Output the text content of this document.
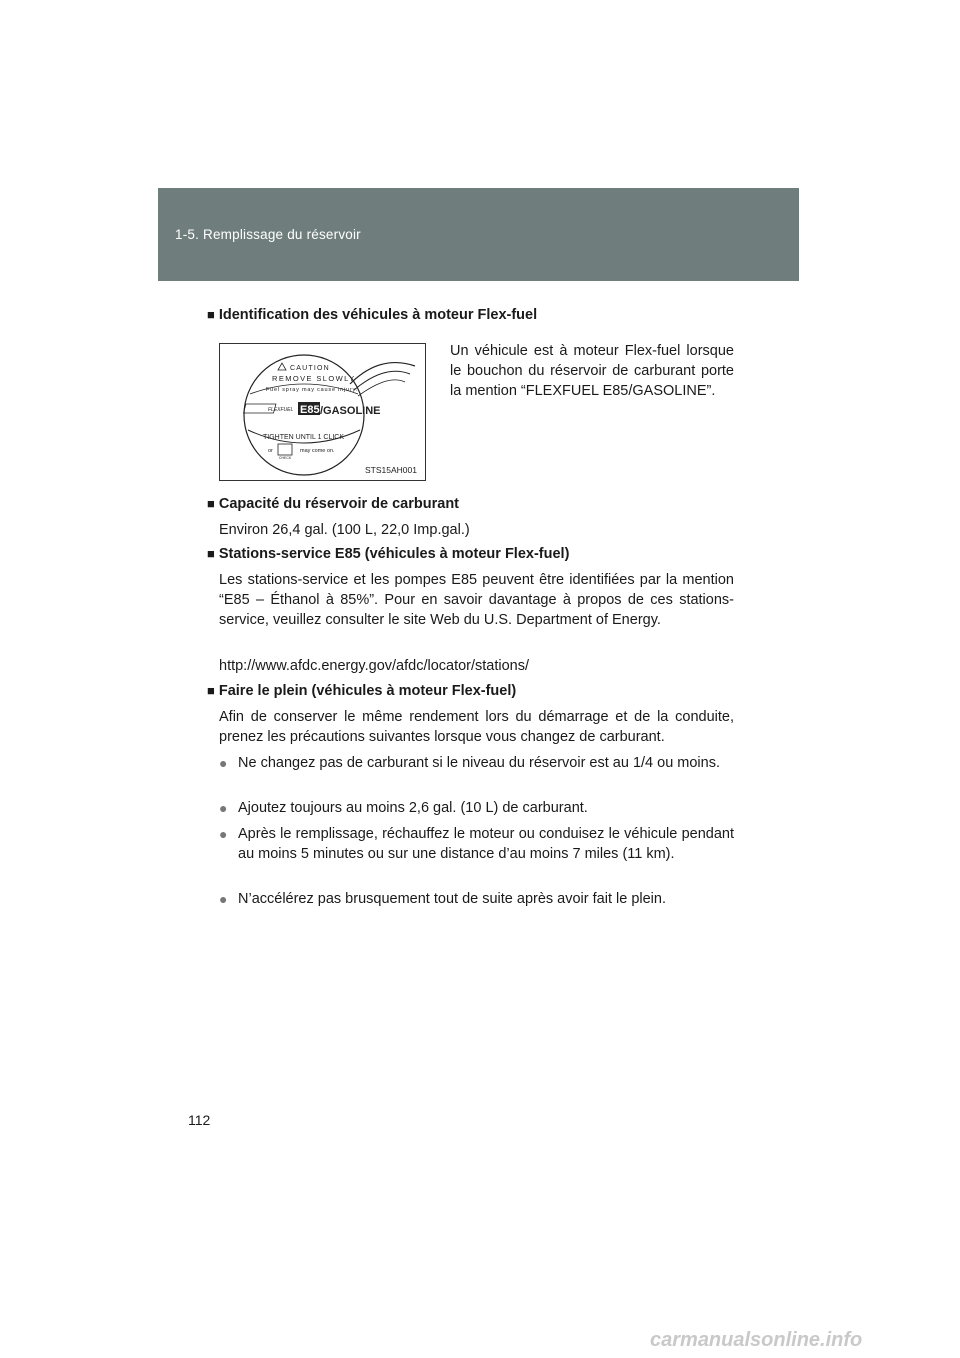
1-5. Remplissage du réservoir
■ Identification des véhicules à moteur Flex-fuel
CAUTION
REMOVE SLOWLY
Fuel spray may cause injury.
FLEXFUEL E85 /GASOLINE
TIGHTEN UNTIL 1 CLICK
or
CHECK
may come on.
STS15AH001
Un véhicule est à moteur Flex-fuel lorsque le bouchon du réservoir de carburant porte la mention “FLEXFUEL E85/GASOLINE”.
■ Capacité du réservoir de carburant
Environ 26,4 gal. (100 L, 22,0 Imp.gal.)
■ Stations-service E85 (véhicules à moteur Flex-fuel)
Les stations-service et les pompes E85 peuvent être identifiées par la mention “E85 – Éthanol à 85%”. Pour en savoir davantage à propos de ces stations-service, veuillez consulter le site Web du U.S. Department of Energy.
http://www.afdc.energy.gov/afdc/locator/stations/
■ Faire le plein (véhicules à moteur Flex-fuel)
Afin de conserver le même rendement lors du démarrage et de la conduite, prenez les précautions suivantes lorsque vous changez de carburant.
● Ne changez pas de carburant si le niveau du réservoir est au 1/4 ou moins.
● Ajoutez toujours au moins 2,6 gal. (10 L) de carburant.
● Après le remplissage, réchauffez le moteur ou conduisez le véhicule pendant au moins 5 minutes ou sur une distance d’au moins 7 miles (11 km).
● N’accélérez pas brusquement tout de suite après avoir fait le plein.
112
carmanualsonline.info
